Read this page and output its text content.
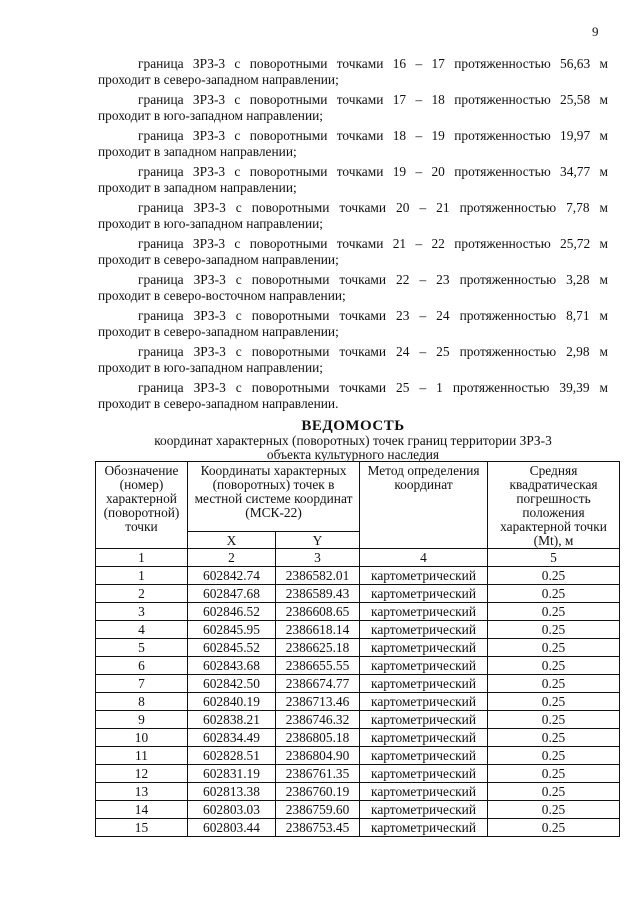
9

граница ЗРЗ-3 с поворотными точками 16 – 17 протяженностью 56,63 м
проходит в северо-западном направлении;

граница ЗРЗ-3 с поворотными точками 17 – 18 протяженностью 25,58 м
проходит в юго-западном направлении;

граница ЗРЗ-3 с поворотными точками 18 – 19 протяженностью 19,97 м
проходит в западном направлении;

граница ЗРЗ-3 с поворотными точками 19 – 20 протяженностью 34,77 м
проходит в западном направлении;

граница ЗРЗ-3 с поворотными точками 20 – 21 протяженностью 7,78 м
проходит в юго-западном направлении;

граница ЗРЗ-3 с поворотными точками 21 – 22 протяженностью 25,72 м
проходит в северо-западном направлении;

граница ЗРЗ-3 с поворотными точками 22 – 23 протяженностью 3,28 м
проходит в северо-восточном направлении;

граница ЗРЗ-3 с поворотными точками 23 – 24 протяженностью 8,71 м
проходит в северо-западном направлении;

граница ЗРЗ-3 с поворотными точками 24 – 25 протяженностью 2,98 м
проходит в юго-западном направлении;

граница ЗРЗ-3 с поворотными точками 25 – 1 протяженностью 39,39 м
проходит в северо-западном направлении.

ВЕДОМОСТЬ
координат характерных (поворотных) точек границ территории ЗРЗ-3
объекта культурного наследия
Обозначение (номер) характерной (поворотной) точки	Координаты характерных (поворотных) точек в местной системе координат (МСК-22)		Метод определения координат	Средняя квадратическая погрешность положения характерной точки (Mt), м
	X	Y		
1	2	3	4	5
1	602842.74	2386582.01	картометрический	0.25
2	602847.68	2386589.43	картометрический	0.25
3	602846.52	2386608.65	картометрический	0.25
4	602845.95	2386618.14	картометрический	0.25
5	602845.52	2386625.18	картометрический	0.25
6	602843.68	2386655.55	картометрический	0.25
7	602842.50	2386674.77	картометрический	0.25
8	602840.19	2386713.46	картометрический	0.25
9	602838.21	2386746.32	картометрический	0.25
10	602834.49	2386805.18	картометрический	0.25
11	602828.51	2386804.90	картометрический	0.25
12	602831.19	2386761.35	картометрический	0.25
13	602813.38	2386760.19	картометрический	0.25
14	602803.03	2386759.60	картометрический	0.25
15	602803.44	2386753.45	картометрический	0.25
